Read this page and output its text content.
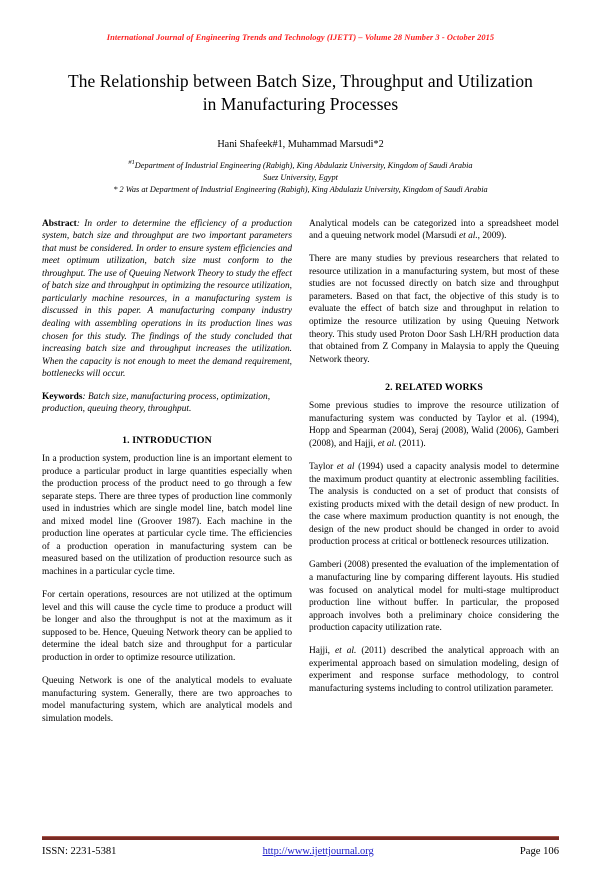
International Journal of Engineering Trends and Technology (IJETT) – Volume 28 Number 3 - October 2015
The Relationship between Batch Size, Throughput and Utilization in Manufacturing Processes
Hani Shafeek#1, Muhammad Marsudi*2
$^{\#1}$Department of Industrial Engineering (Rabigh), King Abdulaziz University, Kingdom of Saudi Arabia
Suez University, Egypt
* 2 Was at Department of Industrial Engineering (Rabigh), King Abdulaziz University, Kingdom of Saudi Arabia

Abstract: In order to determine the efficiency of a production system, batch size and throughput are two important parameters that must be considered. In order to ensure system efficiencies and meet optimum utilization, batch size must conform to the throughput. The use of Queuing Network Theory to study the effect of batch size and throughput in optimizing the resource utilization, particularly machine resources, in a manufacturing system is discussed in this paper. A manufacturing company industry dealing with assembling operations in its production lines was chosen for this study. The findings of the study concluded that increasing batch size and throughput increases the utilization. When the capacity is not enough to meet the demand requirement, bottlenecks will occur.

Keywords: Batch size, manufacturing process, optimization, production, queuing theory, throughput.

1. INTRODUCTION

In a production system, production line is an important element to produce a particular product in large quantities especially when the production process of the product need to go through a few separate steps. There are three types of production line commonly used in industries which are single model line, batch model line and mixed model line (Groover 1987). Each machine in the production line operates at particular cycle time. The efficiencies of a production operation in manufacturing system can be measured based on the utilization of production resource such as machines in a particular cycle time.

For certain operations, resources are not utilized at the optimum level and this will cause the cycle time to produce a product will be longer and also the throughput is not at the maximum as it supposed to be. Hence, Queuing Network theory can be applied to determine the ideal batch size and throughput for a particular production in order to optimize resource utilization.

Queuing Network is one of the analytical models to evaluate manufacturing system. Generally, there are two approaches to model manufacturing system, which are analytical models and simulation models.

Analytical models can be categorized into a spreadsheet model and a queuing network model (Marsudi et al., 2009).

There are many studies by previous researchers that related to resource utilization in a manufacturing system, but most of these studies are not focussed directly on batch size and throughput parameters. Based on that fact, the objective of this study is to evaluate the effect of batch size and throughput in relation to optimize the resource utilization by using Queuing Network theory. This study used Proton Door Sash LH/RH production data that obtained from Z Company in Malaysia to apply the Queuing Network theory.

2. RELATED WORKS

Some previous studies to improve the resource utilization of manufacturing system was conducted by Taylor et al. (1994), Hopp and Spearman (2004), Seraj (2008), Walid (2006), Gamberi (2008), and Hajji, et al. (2011).

Taylor et al (1994) used a capacity analysis model to determine the maximum product quantity at electronic assembling facilities. The analysis is conducted on a set of product that consists of existing products mixed with the detail design of new product. In the case where maximum production quantity is not enough, the design of the new product should be changed in order to avoid production process at critical or bottleneck resources utilization.

Gamberi (2008) presented the evaluation of the implementation of a manufacturing line by comparing different layouts. His studied was focused on analytical model for multi-stage multiproduct production line without buffer. In particular, the proposed approach involves both a preliminary choice considering the production capacity utilization rate.

Hajji, et al. (2011) described the analytical approach with an experimental approach based on simulation modeling, design of experiment and response surface methodology, to control manufacturing systems including to control utilization parameter.

ISSN: 2231-5381	http://www.ijettjournal.org	Page 106
